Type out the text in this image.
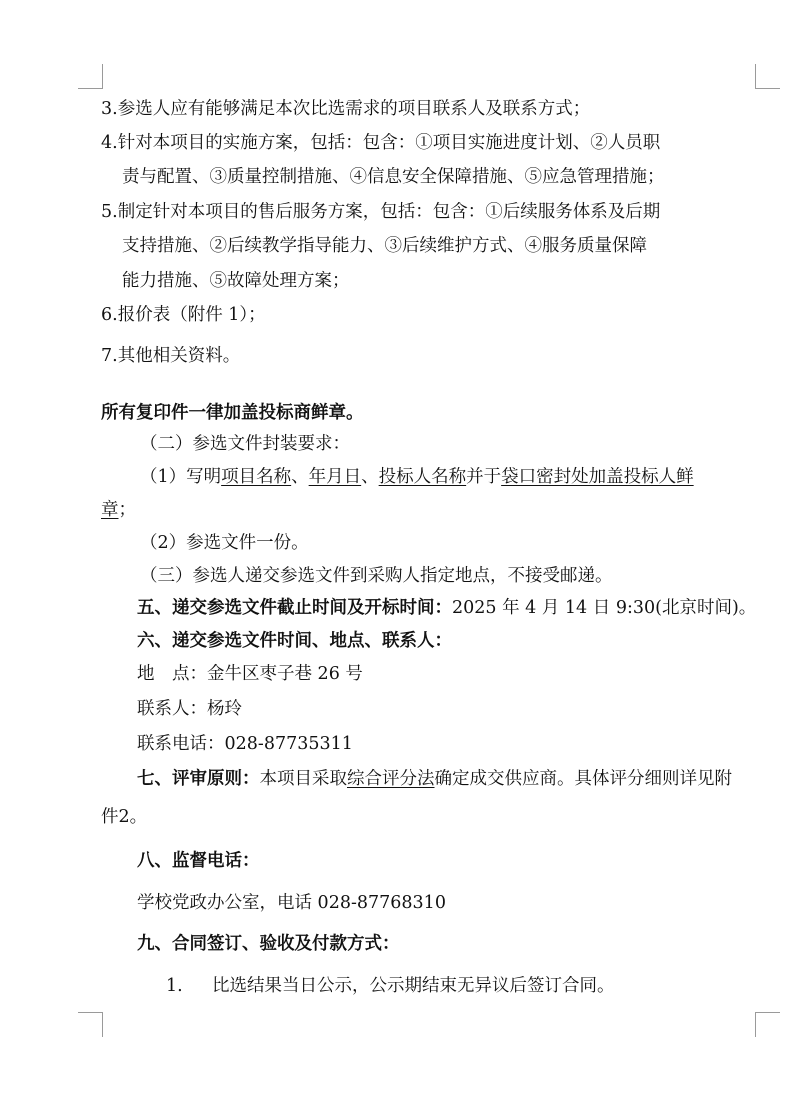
3.参选人应有能够满足本次比选需求的项目联系人及联系方式；
4.针对本项目的实施方案，包括：包含：①项目实施进度计划、②人员职
责与配置、③质量控制措施、④信息安全保障措施、⑤应急管理措施；
5.制定针对本项目的售后服务方案，包括：包含：①后续服务体系及后期
支持措施、②后续教学指导能力、③后续维护方式、④服务质量保障
能力措施、⑤故障处理方案；
6.报价表（附件 1）；
7.其他相关资料。
所有复印件一律加盖投标商鲜章。
（二）参选文件封装要求：
（1）写明项目名称、年月日、投标人名称并于袋口密封处加盖投标人鲜
章；
（2）参选文件一份。
（三）参选人递交参选文件到采购人指定地点，不接受邮递。
五、递交参选文件截止时间及开标时间：2025 年 4 月 14 日 9:30(北京时间)。
六、递交参选文件时间、地点、联系人：
地　点：金牛区枣子巷 26 号
联系人：杨玲
联系电话：028-87735311
七、评审原则：本项目采取综合评分法确定成交供应商。具体评分细则详见附
件2。
八、监督电话：
学校党政办公室，电话 028-87768310
九、合同签订、验收及付款方式：
1. 比选结果当日公示，公示期结束无异议后签订合同。
